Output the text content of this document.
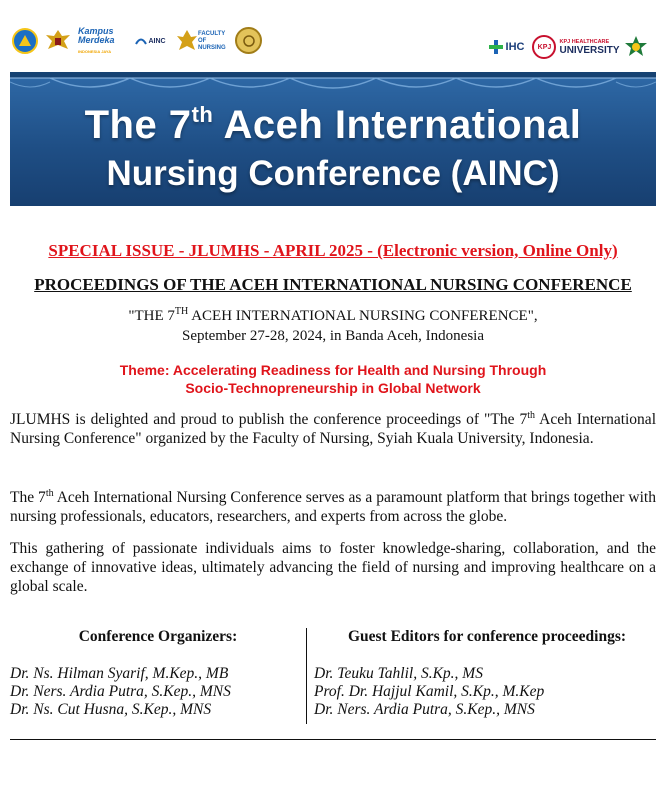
Kampus Merdeka
INDONESIA JAYA
AINC
FACULTY OF NURSING	IHC KPJ
KPJ HEALTHCARE
UNIVERSITY
The 7th Aceh International
Nursing Conference (AINC)
SPECIAL ISSUE - JLUMHS - APRIL 2025 - (Electronic version, Online Only)
PROCEEDINGS OF THE ACEH INTERNATIONAL NURSING CONFERENCE
"THE 7TH ACEH INTERNATIONAL NURSING CONFERENCE",
September 27-28, 2024, in Banda Aceh, Indonesia
Theme: Accelerating Readiness for Health and Nursing Through
Socio-Technopreneurship in Global Network

JLUMHS is delighted and proud to publish the conference proceedings of "The 7th Aceh International Nursing Conference" organized by the Faculty of Nursing, Syiah Kuala University, Indonesia.

The 7th Aceh International Nursing Conference serves as a paramount platform that brings together with nursing professionals, educators, researchers, and experts from across the globe.

This gathering of passionate individuals aims to foster knowledge-sharing, collaboration, and the exchange of innovative ideas, ultimately advancing the field of nursing and improving healthcare on a global scale.

Conference Organizers:
Dr. Ns. Hilman Syarif, M.Kep., MB
Dr. Ners. Ardia Putra, S.Kep., MNS
Dr. Ns. Cut Husna, S.Kep., MNS
Guest Editors for conference proceedings:
Dr. Teuku Tahlil, S.Kp., MS
Prof. Dr. Hajjul Kamil, S.Kp., M.Kep
Dr. Ners. Ardia Putra, S.Kep., MNS
